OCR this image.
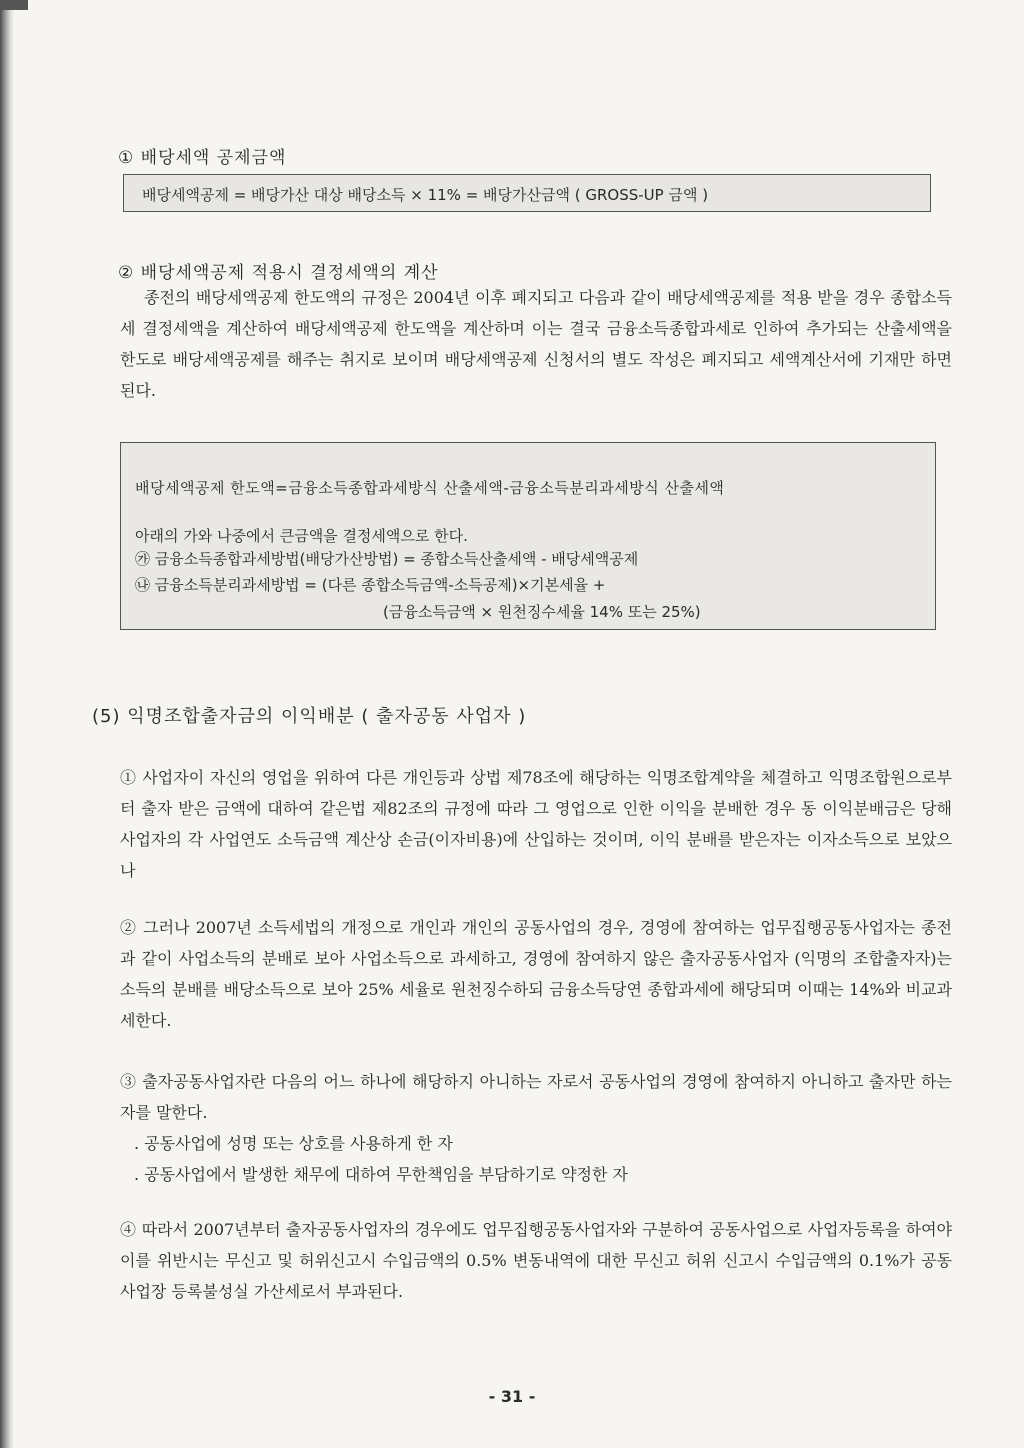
① 배당세액 공제금액
배당세액공제 = 배당가산 대상 배당소득 × 11% = 배당가산금액 ( GROSS-UP 금액 )
② 배당세액공제 적용시 결정세액의 계산

종전의 배당세액공제 한도액의 규정은 2004년 이후 폐지되고 다음과 같이 배당세액공제를 적용 받을 경우 종합소득세 결정세액을 계산하여 배당세액공제 한도액을 계산하며 이는 결국 금융소득종합과세로 인하여 추가되는 산출세액을 한도로 배당세액공제를 해주는 취지로 보이며 배당세액공제 신청서의 별도 작성은 폐지되고 세액계산서에 기재만 하면된다.

배당세액공제 한도액=금융소득종합과세방식 산출세액-금융소득분리과세방식 산출세액
아래의 가와 나중에서 큰금액을 결정세액으로 한다.
㉮ 금융소득종합과세방법(배당가산방법) = 종합소득산출세액 - 배당세액공제
㉯ 금융소득분리과세방법 = (다른 종합소득금액-소득공제)×기본세율 +
(금융소득금액 × 원천징수세율 14% 또는 25%)
(5) 익명조합출자금의 이익배분 ( 출자공동 사업자 )

① 사업자이 자신의 영업을 위하여 다른 개인등과 상법 제78조에 해당하는 익명조합계약을 체결하고 익명조합원으로부터 출자 받은 금액에 대하여 같은법 제82조의 규정에 따라 그 영업으로 인한 이익을 분배한 경우 동 이익분배금은 당해 사업자의 각 사업연도 소득금액 계산상 손금(이자비용)에 산입하는 것이며, 이익 분배를 받은자는 이자소득으로 보았으나

② 그러나 2007년 소득세법의 개정으로 개인과 개인의 공동사업의 경우, 경영에 참여하는 업무집행공동사업자는 종전과 같이 사업소득의 분배로 보아 사업소득으로 과세하고, 경영에 참여하지 않은 출자공동사업자 (익명의 조합출자자)는 소득의 분배를 배당소득으로 보아 25% 세율로 원천징수하되 금융소득당연 종합과세에 해당되며 이때는 14%와 비교과세한다.

③ 출자공동사업자란 다음의 어느 하나에 해당하지 아니하는 자로서 공동사업의 경영에 참여하지 아니하고 출자만 하는 자를 말한다.

. 공동사업에 성명 또는 상호를 사용하게 한 자

. 공동사업에서 발생한 채무에 대하여 무한책임을 부담하기로 약정한 자

④ 따라서 2007년부터 출자공동사업자의 경우에도 업무집행공동사업자와 구분하여 공동사업으로 사업자등록을 하여야 이를 위반시는 무신고 및 허위신고시 수입금액의 0.5% 변동내역에 대한 무신고 허위 신고시 수입금액의 0.1%가 공동사업장 등록불성실 가산세로서 부과된다.

- 31 -
